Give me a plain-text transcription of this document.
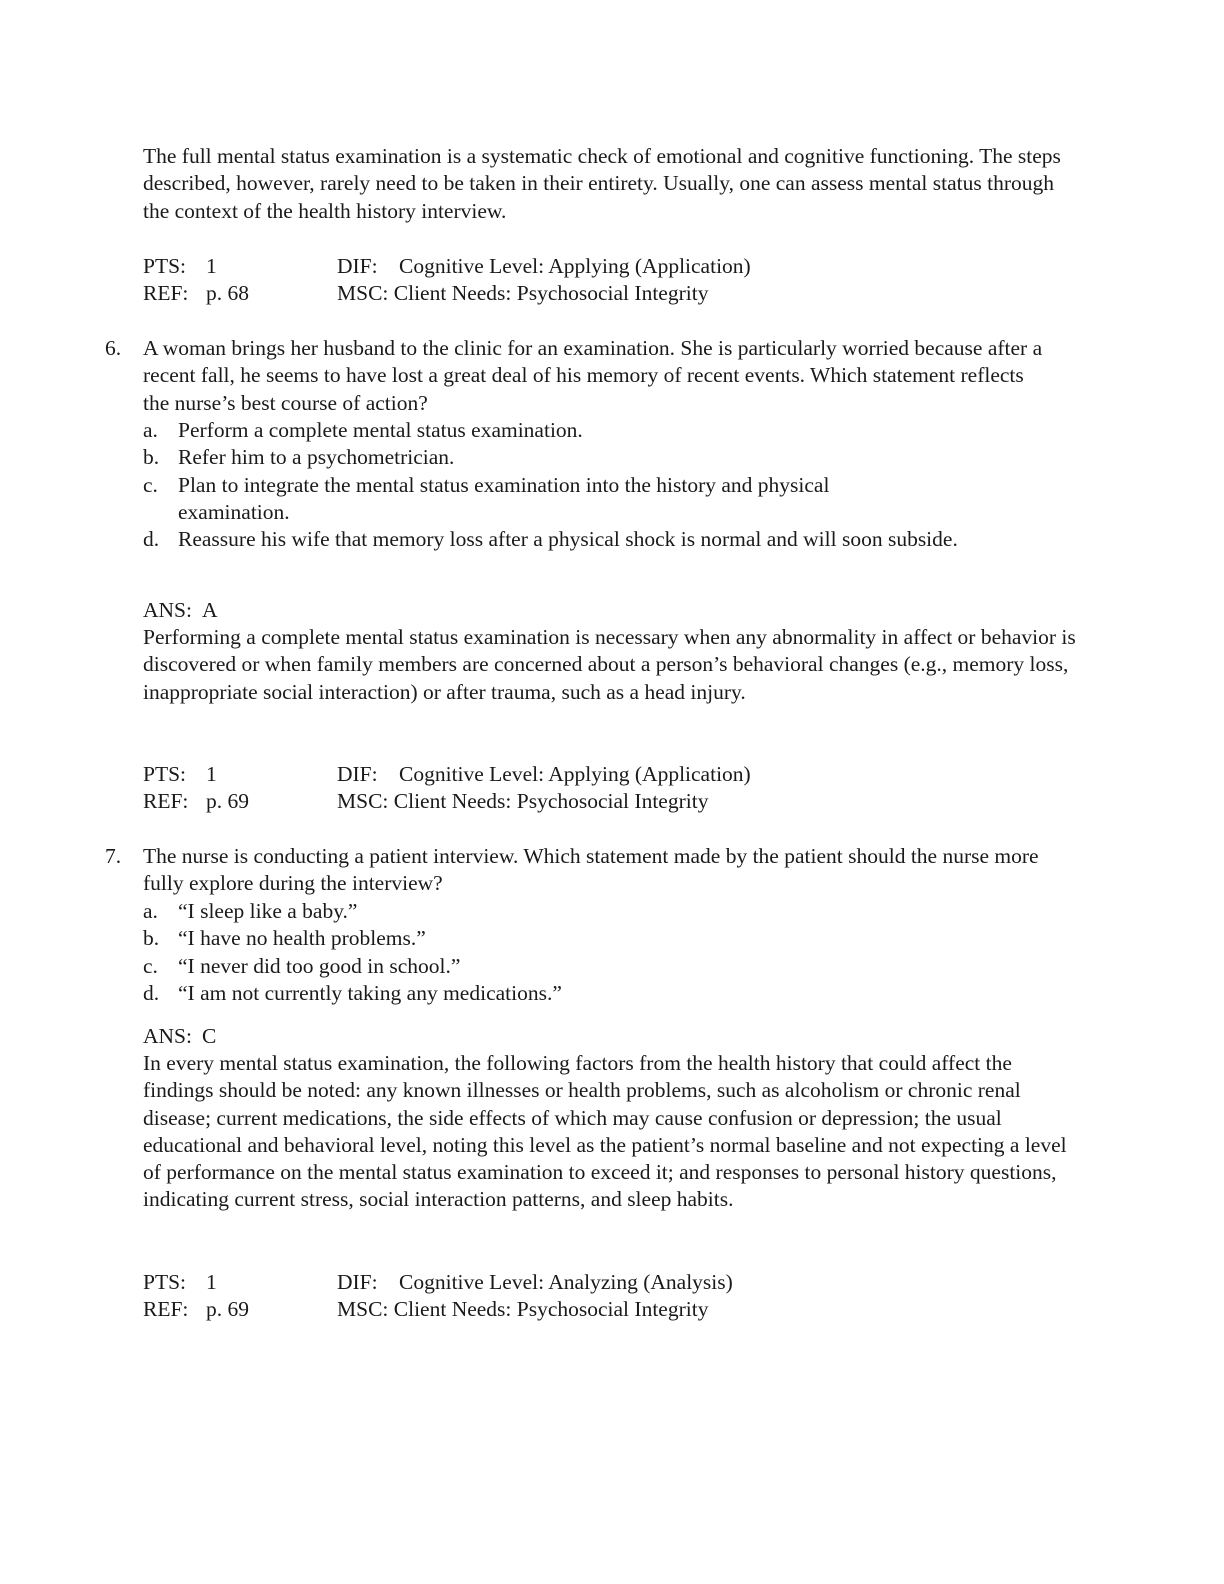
The full mental status examination is a systematic check of emotional and cognitive functioning. The steps described, however, rarely need to be taken in their entirety. Usually, one can assess mental status through the context of the health history interview.

PTS: 1	DIF: Cognitive Level: Applying (Application)
REF: p. 68	MSC: Client Needs: Psychosocial Integrity
6. A woman brings her husband to the clinic for an examination. She is particularly worried because after a recent fall, he seems to have lost a great deal of his memory of recent events. Which statement reflects the nurse’s best course of action?

a. Perform a complete mental status examination.
b. Refer him to a psychometrician.
c. Plan to integrate the mental status examination into the history and physical examination.
d. Reassure his wife that memory loss after a physical shock is normal and will soon subside.
ANS: A

Performing a complete mental status examination is necessary when any abnormality in affect or behavior is discovered or when family members are concerned about a person’s behavioral changes (e.g., memory loss, inappropriate social interaction) or after trauma, such as a head injury.

PTS: 1	DIF: Cognitive Level: Applying (Application)
REF: p. 69	MSC: Client Needs: Psychosocial Integrity
7. The nurse is conducting a patient interview. Which statement made by the patient should the nurse more fully explore during the interview?

a. “I sleep like a baby.”
b. “I have no health problems.”
c. “I never did too good in school.”
d. “I am not currently taking any medications.”
ANS: C

In every mental status examination, the following factors from the health history that could affect the findings should be noted: any known illnesses or health problems, such as alcoholism or chronic renal disease; current medications, the side effects of which may cause confusion or depression; the usual educational and behavioral level, noting this level as the patient’s normal baseline and not expecting a level of performance on the mental status examination to exceed it; and responses to personal history questions, indicating current stress, social interaction patterns, and sleep habits.

PTS: 1	DIF: Cognitive Level: Analyzing (Analysis)
REF: p. 69	MSC: Client Needs: Psychosocial Integrity
